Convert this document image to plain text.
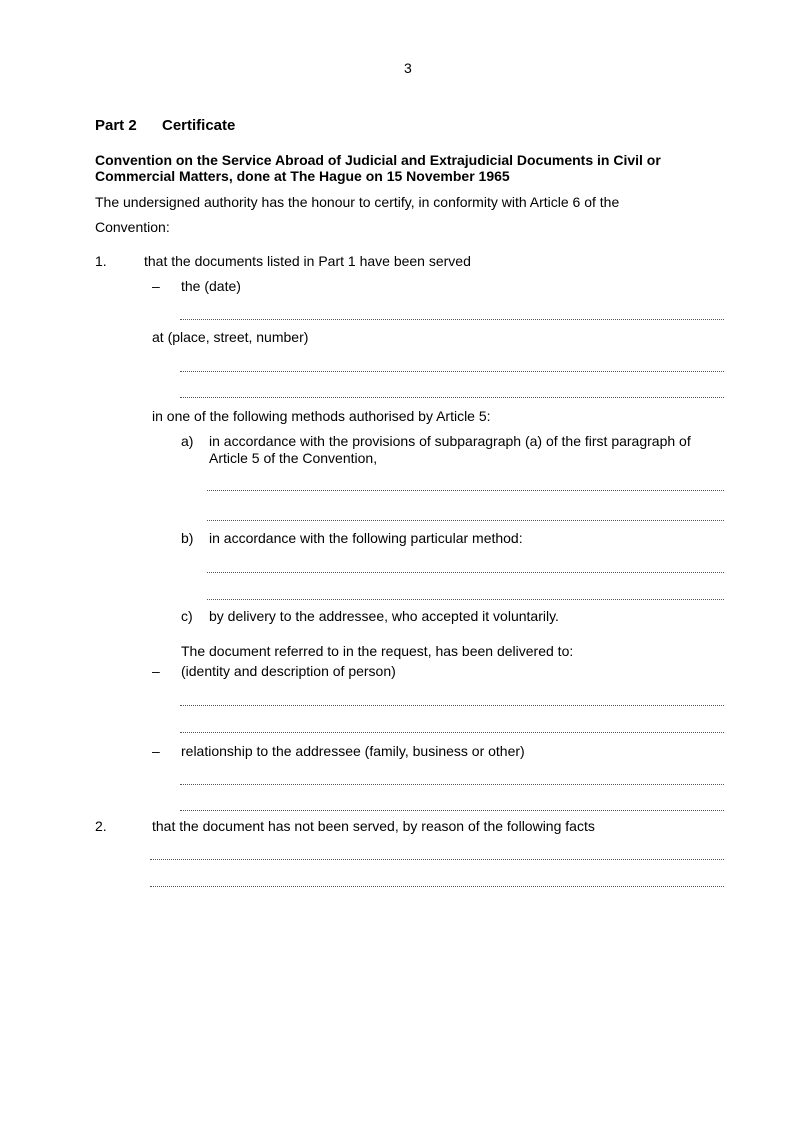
3
Part 2 Certificate
Convention on the Service Abroad of Judicial and Extrajudicial Documents in Civil or
Commercial Matters, done at The Hague on 15 November 1965
The undersigned authority has the honour to certify, in conformity with Article 6 of the
Convention:
1.	that the documents listed in Part 1 have been served
– the (date)
at (place, street, number)
in one of the following methods authorised by Article 5:
a) in accordance with the provisions of subparagraph (a) of the first paragraph of
Article 5 of the Convention,
b) in accordance with the following particular method:
c) by delivery to the addressee, who accepted it voluntarily.
The document referred to in the request, has been delivered to:
– (identity and description of person)
– relationship to the addressee (family, business or other)
2.	that the document has not been served, by reason of the following facts
